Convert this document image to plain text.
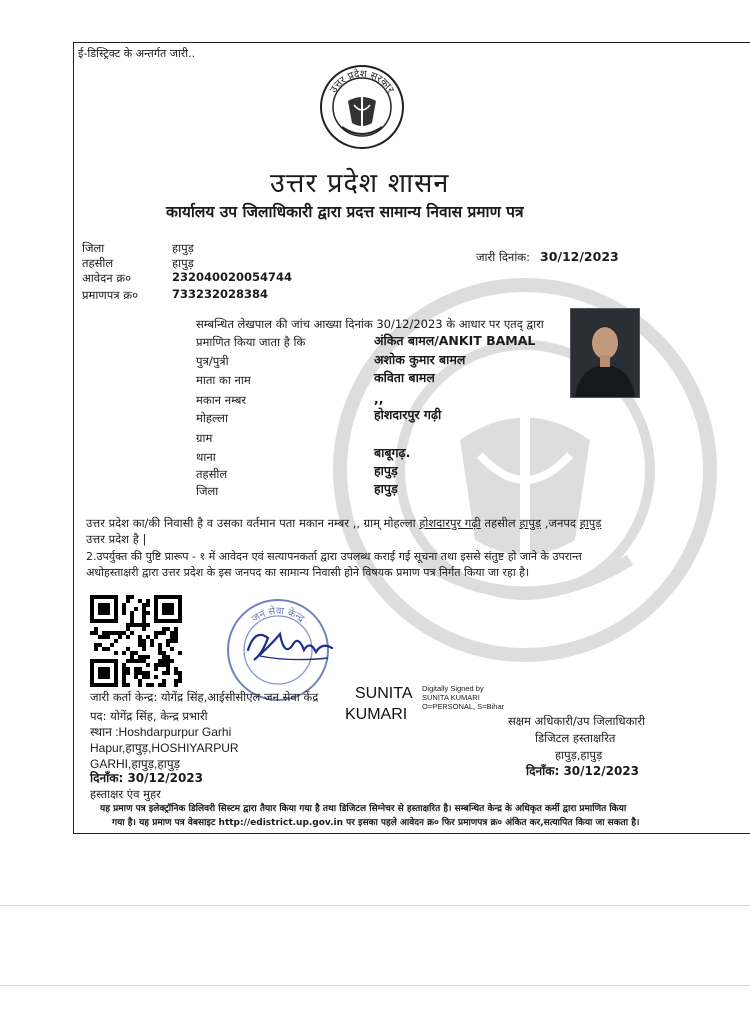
ई-डिस्ट्रिक्ट के अन्तर्गत जारी..
उत्तर प्रदेश सरकार
उत्तर प्रदेश शासन
कार्यालय उप जिलाधिकारी द्वारा प्रदत्त सामान्य निवास प्रमाण पत्र
जिला	हापुड़
तहसील	हापुड़
आवेदन क्र०	232040020054744
प्रमाणपत्र क्र०	733232028384
जारी दिनांक: 30/12/2023
सम्बन्धित लेखपाल की जांच आख्या दिनांक 30/12/2023 के आधार पर एतद् द्वारा
प्रमाणित किया जाता है कि	अंकित बामल/ANKIT BAMAL
पुत्र/पुत्री	अशोक कुमार बामल
माता का नाम	कविता बामल
मकान नम्बर	,,
मोहल्ला	होशदारपुर गढ़ी
ग्राम
थाना	बाबूगढ़.
तहसील	हापुड़
जिला	हापुड़
उत्तर प्रदेश का/की निवासी है व उसका वर्तमान पता मकान नम्बर ,, ग्राम् मोहल्ला होशदारपुर गढ़ी तहसील हापुड़ ,जनपद हापुड़
उत्तर प्रदेश है |
2.उपर्युक्त की पुष्टि प्रारूप - १ में आवेदन एवं सत्यापनकर्ता द्वारा उपलब्ध कराई गई सूचना तथा इससे संतुष्ट हो जाने के उपरान्त
अधोहस्ताक्षरी द्वारा उत्तर प्रदेश के इस जनपद का सामान्य निवासी होने विषयक प्रमाण पत्र निर्गत किया जा रहा है।
जन सेवा केन्द्र
जारी कर्ता केन्द्र: योगेंद्र सिंह,आईसीसीएल जन सेवा केंद्र
पद: योगेंद्र सिंह, केन्द्र प्रभारी
स्थान :Hoshdarpurpur Garhi
Hapur,हापुड़,HOSHIYARPUR
GARHI,हापुड़,हापुड़
दिनाँक: 30/12/2023
हस्ताक्षर एंव मुहर
SUNITA
KUMARI
Digitally Signed by
SUNITA KUMARI
O=PERSONAL, S=Bihar
सक्षम अधिकारी/उप जिलाधिकारी
डिजिटल हस्ताक्षरित
हापुड़,हापुड़
दिनाँक: 30/12/2023
यह प्रमाण पत्र इलेक्ट्रॉनिक डिलिवरी सिस्टम द्वारा तैयार किया गया है तथा डिजिटल सिग्नेचर से हस्ताक्षरित है। सम्बन्धित केन्द्र के अधिकृत कर्मी द्वारा प्रमाणित किया
गया है। यह प्रमाण पत्र वेबसाइट http://edistrict.up.gov.in पर इसका पहले आवेदन क्र० फिर प्रमाणपत्र क्र० अंकित कर,सत्यापित किया जा सकता है।
